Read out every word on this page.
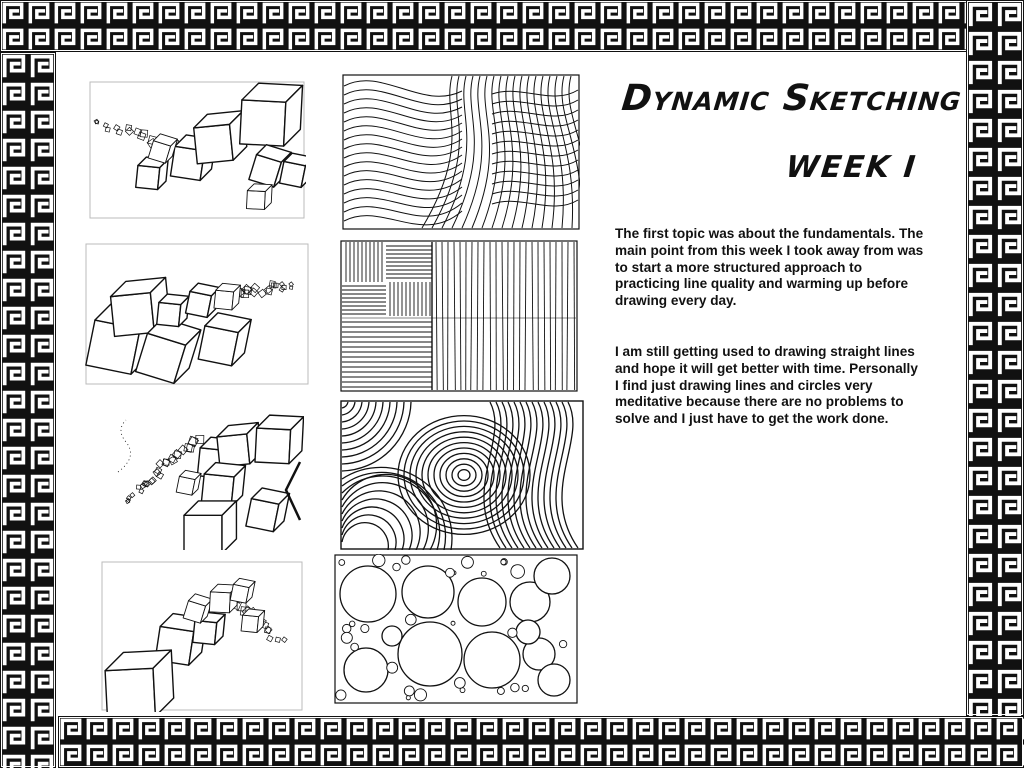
Dynamic Sketching
WEEK I

The first topic was about the fundamentals. The main point from this week I took away from was to start a more structured approach to practicing line quality and warming up before drawing every day.

I am still getting used to drawing straight lines and hope it will get better with time. Personally I find just drawing lines and circles very meditative because there are no problems to solve and I just have to get the work done.
